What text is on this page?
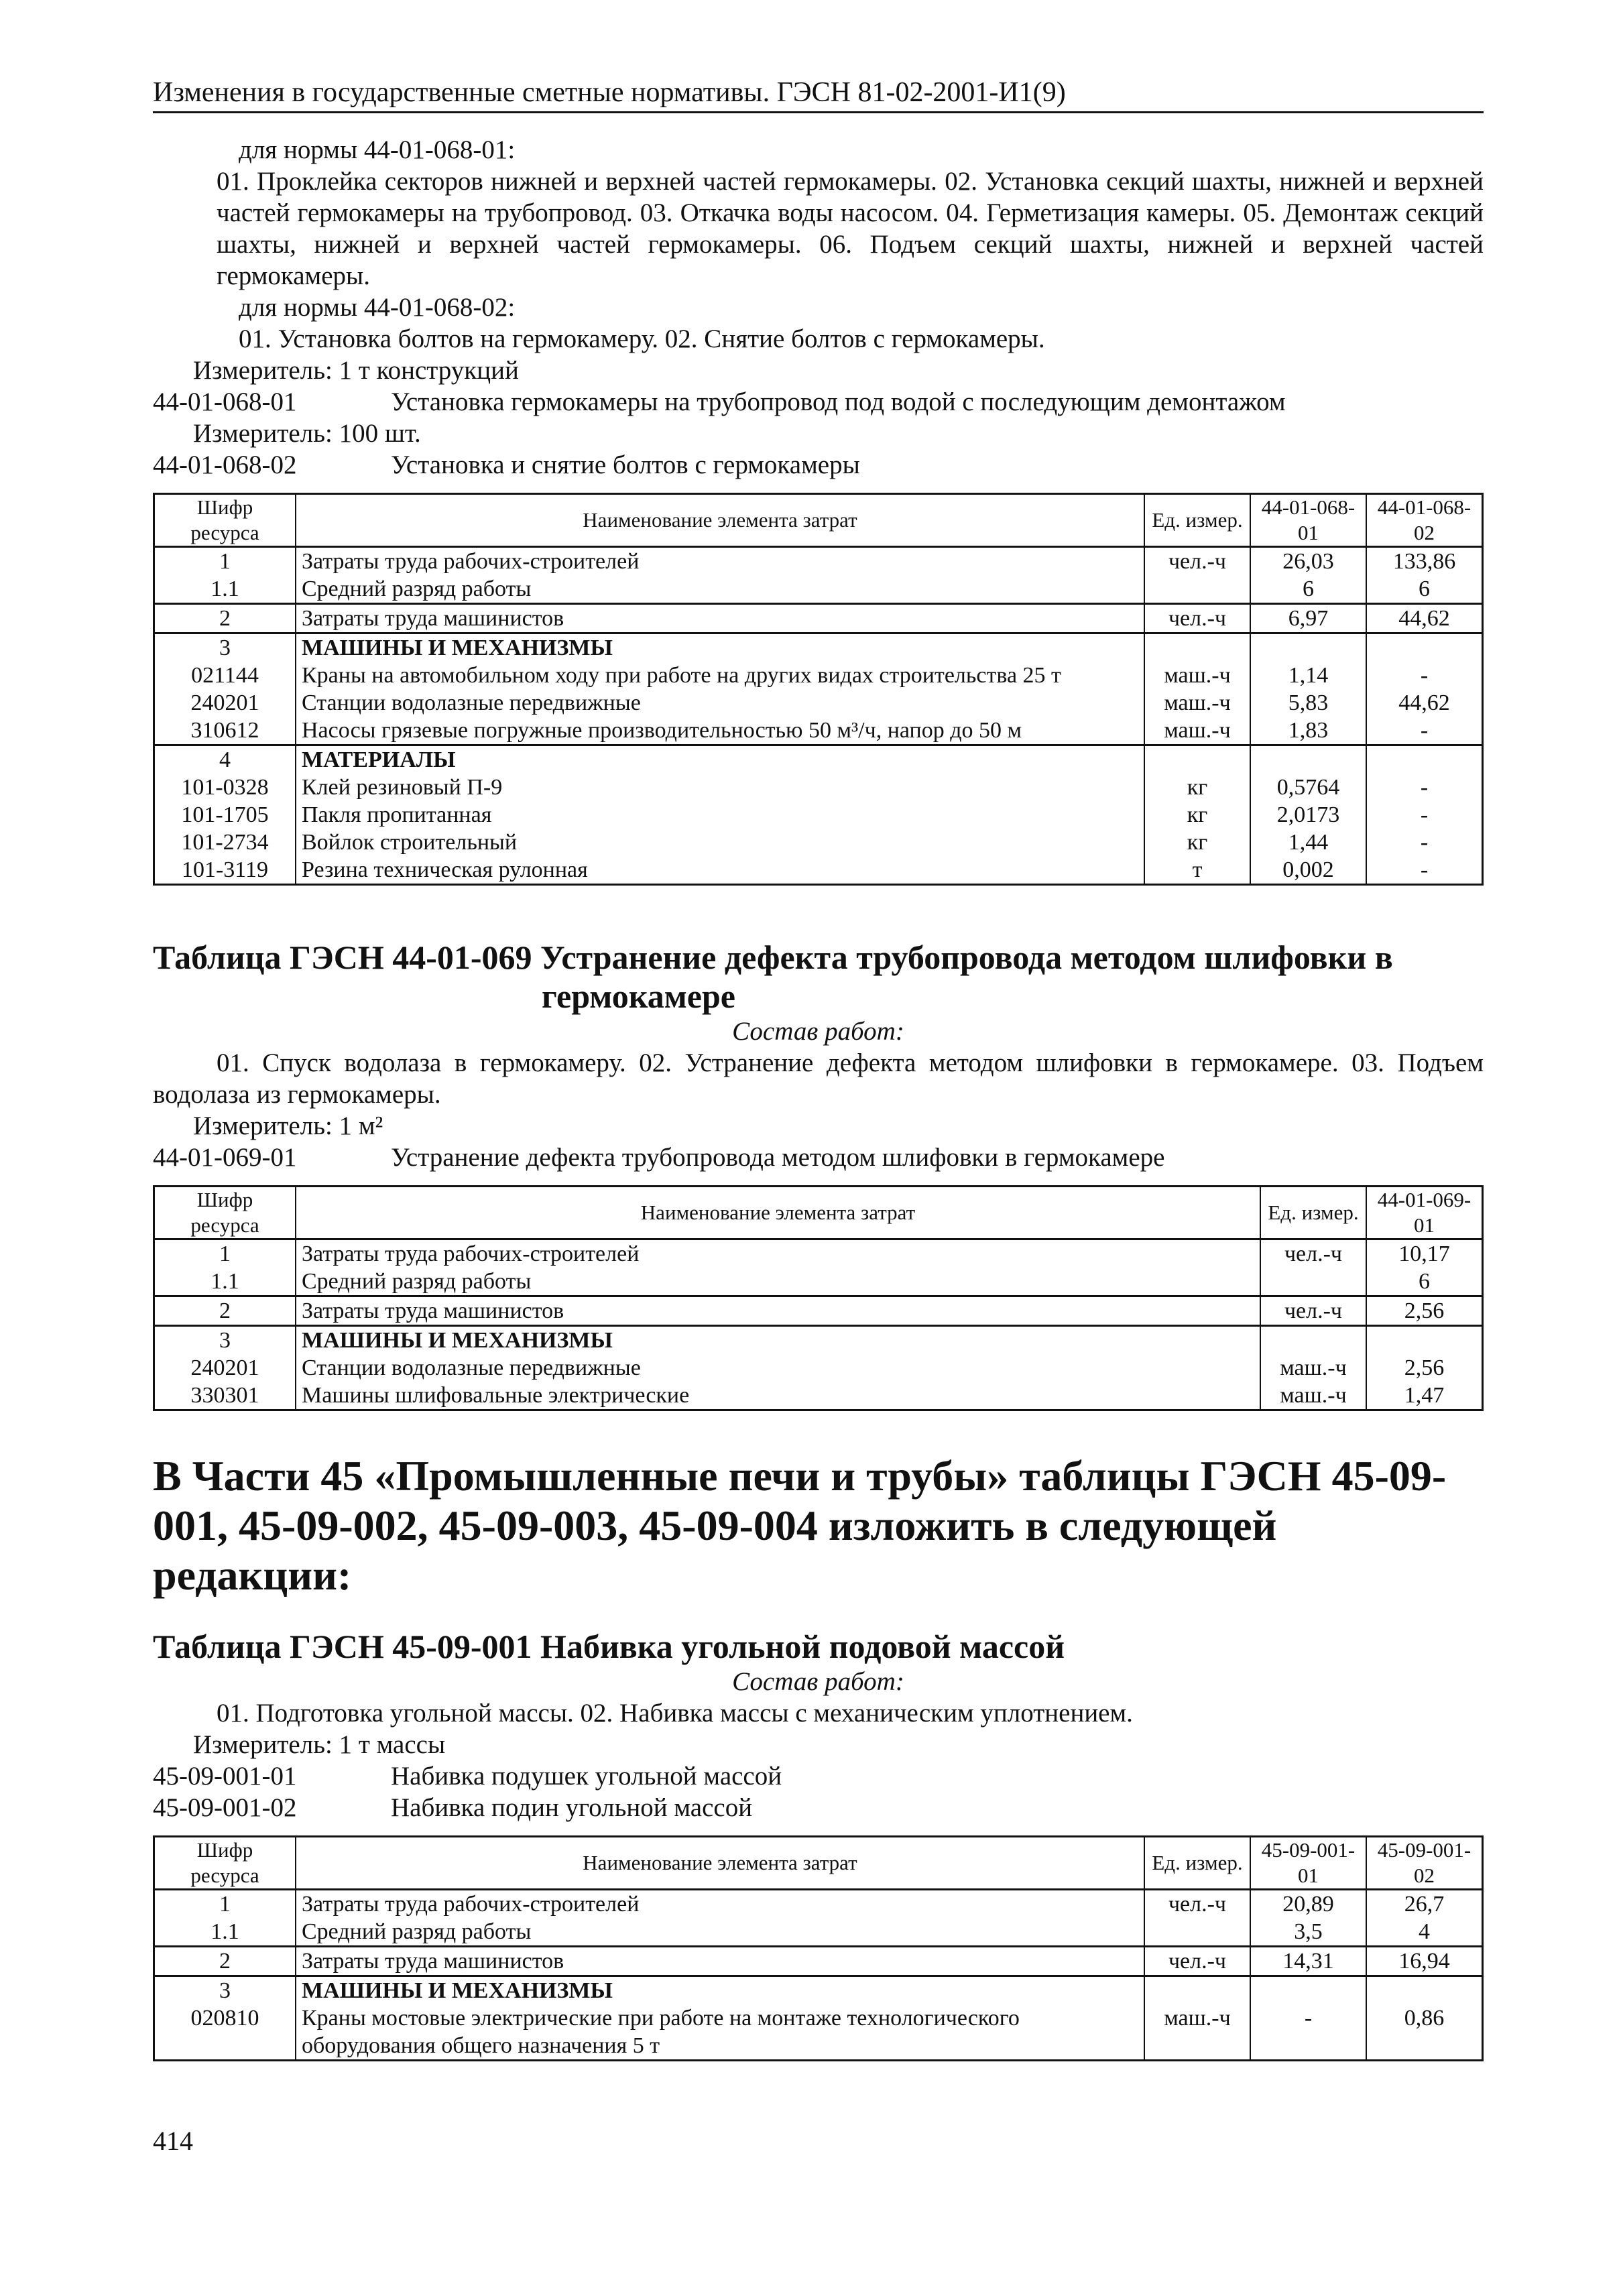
Изменения в государственные сметные нормативы. ГЭСН 81-02-2001-И1(9)

для нормы 44-01-068-01:

01. Проклейка секторов нижней и верхней частей гермокамеры. 02. Установка секций шахты, нижней и верхней частей гермокамеры на трубопровод. 03. Откачка воды насосом. 04. Герметизация камеры. 05. Демонтаж секций шахты, нижней и верхней частей гермокамеры. 06. Подъем секций шахты, нижней и верхней частей гермокамеры.

для нормы 44-01-068-02:

01. Установка болтов на гермокамеру. 02. Снятие болтов с гермокамеры.

Измеритель: 1 т конструкций

44-01-068-01	Установка гермокамеры на трубопровод под водой с последующим демонтажом

Измеритель: 100 шт.

44-01-068-02	Установка и снятие болтов с гермокамеры
Шифр ресурса	Наименование элемента затрат	Ед. измер.	44-01-068-01	44-01-068-02
1	Затраты труда рабочих-строителей	чел.-ч	26,03	133,86
1.1	Средний разряд работы		6	6
2	Затраты труда машинистов	чел.-ч	6,97	44,62
3	МАШИНЫ И МЕХАНИЗМЫ			
021144	Краны на автомобильном ходу при работе на других видах строительства 25 т	маш.-ч	1,14	-
240201	Станции водолазные передвижные	маш.-ч	5,83	44,62
310612	Насосы грязевые погружные производительностью 50 м³/ч, напор до 50 м	маш.-ч	1,83	-
4	МАТЕРИАЛЫ			
101-0328	Клей резиновый П-9	кг	0,5764	-
101-1705	Пакля пропитанная	кг	2,0173	-
101-2734	Войлок строительный	кг	1,44	-
101-3119	Резина техническая рулонная	т	0,002	-
Таблица ГЭСН 44-01-069 Устранение дефекта трубопровода методом шлифовки в
гермокамере

Состав работ:

01. Спуск водолаза в гермокамеру. 02. Устранение дефекта методом шлифовки в гермокамере. 03. Подъем водолаза из гермокамеры.

Измеритель: 1 м²

44-01-069-01	Устранение дефекта трубопровода методом шлифовки в гермокамере
Шифр ресурса	Наименование элемента затрат	Ед. измер.	44-01-069-01
1	Затраты труда рабочих-строителей	чел.-ч	10,17
1.1	Средний разряд работы		6
2	Затраты труда машинистов	чел.-ч	2,56
3	МАШИНЫ И МЕХАНИЗМЫ		
240201	Станции водолазные передвижные	маш.-ч	2,56
330301	Машины шлифовальные электрические	маш.-ч	1,47
В Части 45 «Промышленные печи и трубы» таблицы ГЭСН 45-09-001, 45-09-002, 45-09-003, 45-09-004 изложить в следующей редакции:
Таблица ГЭСН 45-09-001 Набивка угольной подовой массой

Состав работ:

01. Подготовка угольной массы. 02. Набивка массы с механическим уплотнением.

Измеритель: 1 т массы

45-09-001-01	Набивка подушек угольной массой
45-09-001-02	Набивка подин угольной массой
Шифр ресурса	Наименование элемента затрат	Ед. измер.	45-09-001-01	45-09-001-02
1	Затраты труда рабочих-строителей	чел.-ч	20,89	26,7
1.1	Средний разряд работы		3,5	4
2	Затраты труда машинистов	чел.-ч	14,31	16,94
3	МАШИНЫ И МЕХАНИЗМЫ			
020810	Краны мостовые электрические при работе на монтаже технологического оборудования общего назначения 5 т	маш.-ч	-	0,86
414
